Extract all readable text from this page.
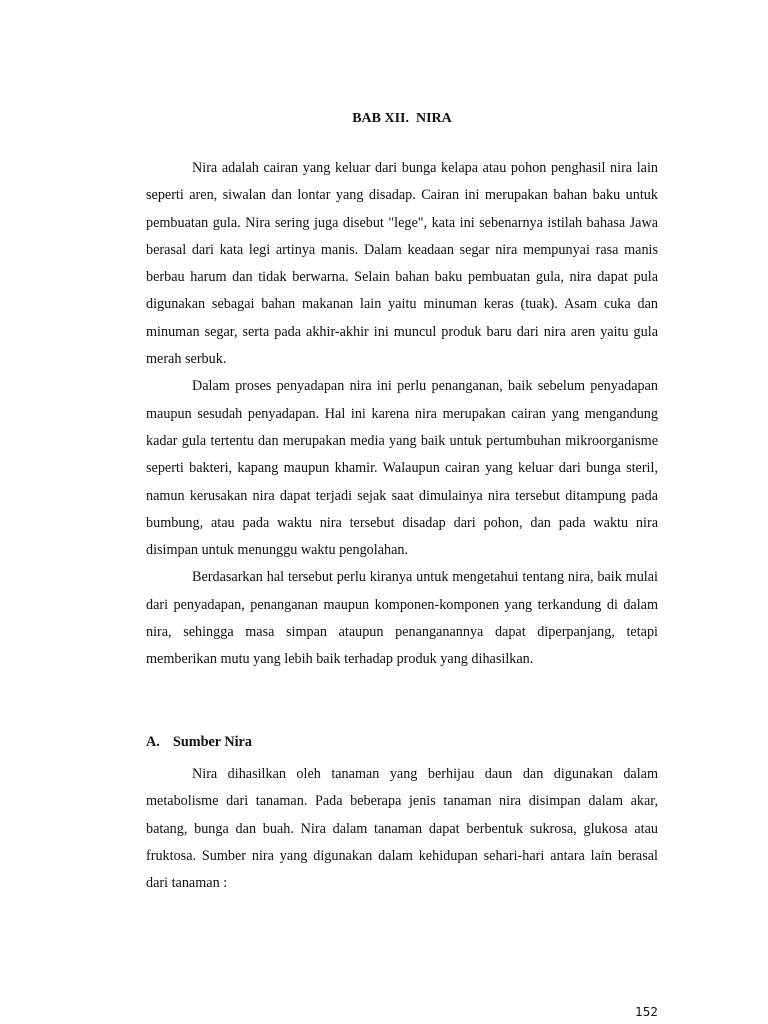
BAB XII.  NIRA

Nira adalah cairan yang keluar dari bunga kelapa atau pohon penghasil nira lain seperti aren, siwalan dan lontar yang disadap. Cairan ini merupakan bahan baku untuk pembuatan gula. Nira sering juga disebut "lege", kata ini sebenarnya istilah bahasa Jawa berasal dari kata legi artinya manis. Dalam keadaan segar nira mempunyai rasa manis berbau harum dan tidak berwarna. Selain bahan baku pembuatan gula, nira dapat pula digunakan sebagai bahan makanan lain yaitu minuman keras (tuak). Asam cuka dan minuman segar, serta pada akhir-akhir ini muncul produk baru dari nira aren yaitu gula merah serbuk.

Dalam proses penyadapan nira ini perlu penanganan, baik sebelum penyadapan maupun sesudah penyadapan. Hal ini karena nira merupakan cairan yang mengandung kadar gula tertentu dan merupakan media yang baik untuk pertumbuhan mikroorganisme seperti bakteri, kapang maupun khamir. Walaupun cairan yang keluar dari bunga steril, namun kerusakan nira dapat terjadi sejak saat dimulainya nira tersebut ditampung pada bumbung, atau pada waktu nira tersebut disadap dari pohon, dan pada waktu nira disimpan untuk menunggu waktu pengolahan.

Berdasarkan hal tersebut perlu kiranya untuk mengetahui tentang nira, baik mulai dari penyadapan, penanganan maupun komponen-komponen yang terkandung di dalam nira, sehingga masa simpan ataupun penanganannya dapat diperpanjang, tetapi memberikan mutu yang lebih baik terhadap produk yang dihasilkan.

A. Sumber Nira

Nira dihasilkan oleh tanaman yang berhijau daun dan digunakan dalam metabolisme dari tanaman. Pada beberapa jenis tanaman nira disimpan dalam akar, batang, bunga dan buah. Nira dalam tanaman dapat berbentuk sukrosa, glukosa atau fruktosa. Sumber nira yang digunakan dalam kehidupan sehari-hari antara lain berasal dari tanaman :

152
